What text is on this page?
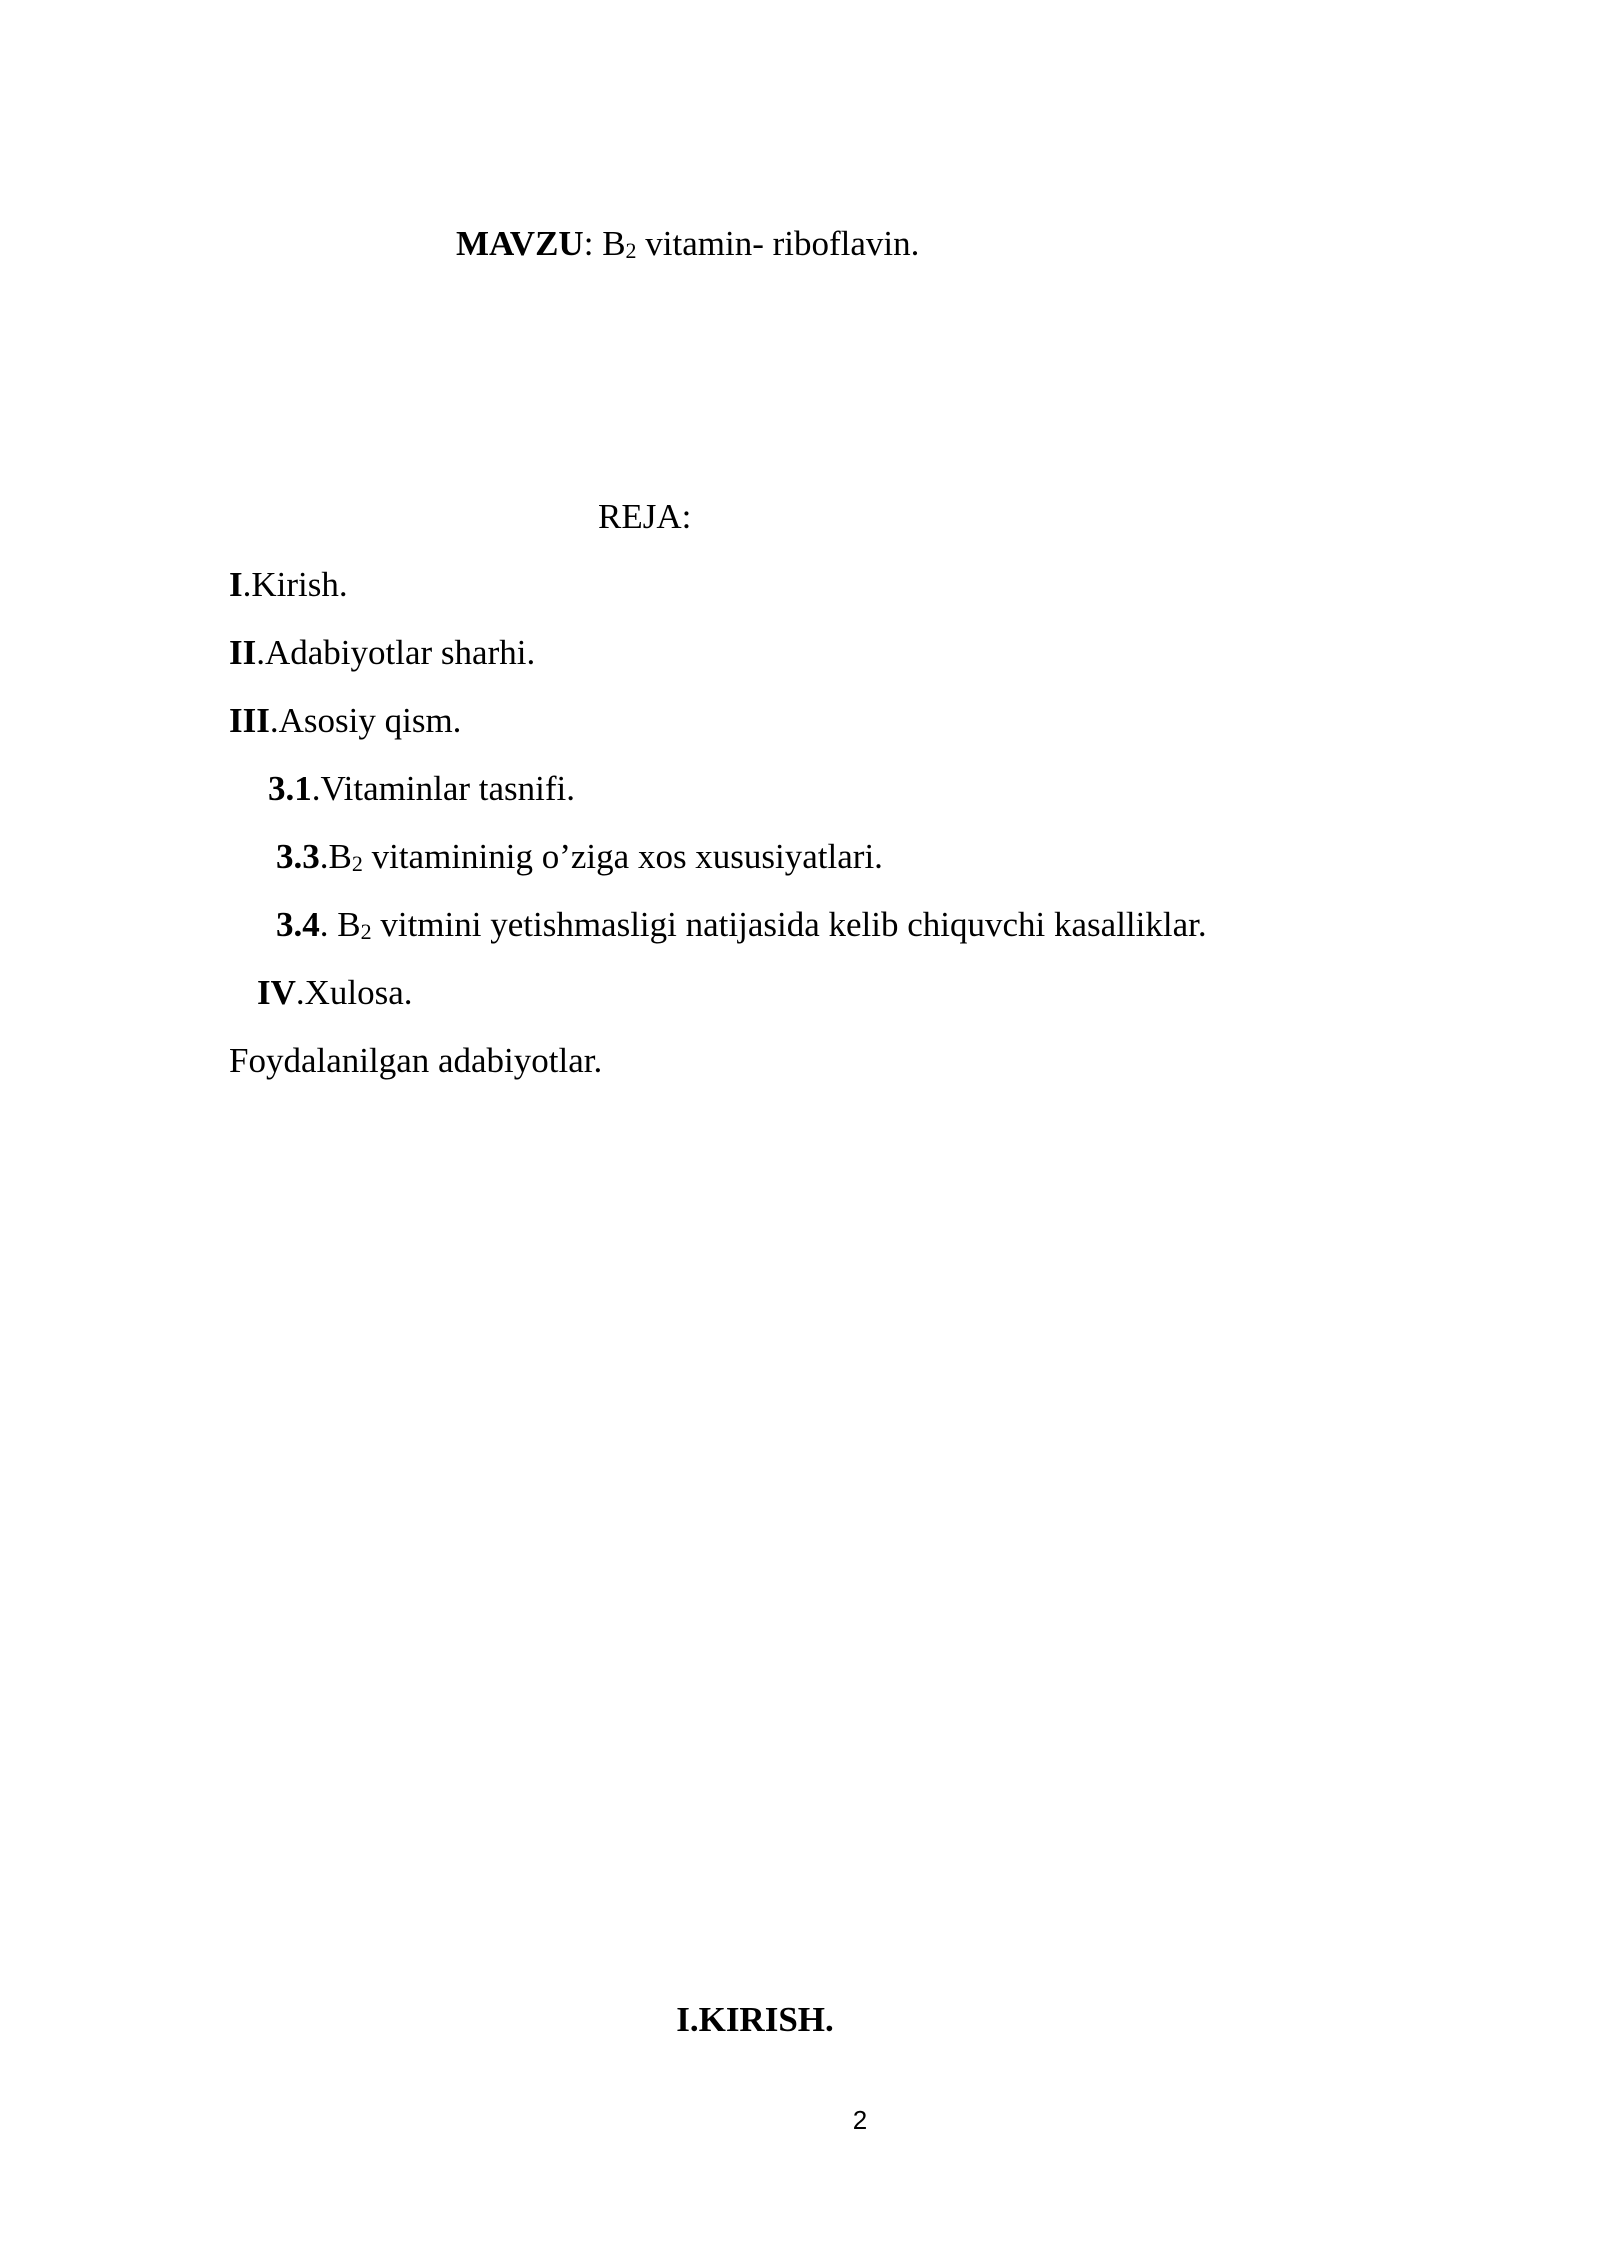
MAVZU: $B_2$ vitamin- riboflavin.
REJA:
I.Kirish.
II.Adabiyotlar sharhi.
III.Asosiy qism.
3.1.Vitaminlar tasnifi.
$3.3.B_2$ vitamininig o’ziga xos xususiyatlari.
3.4. $B_2$ vitmini yetishmasligi natijasida kelib chiquvchi kasalliklar.
IV.Xulosa.
Foydalanilgan adabiyotlar.
I.KIRISH.
2
